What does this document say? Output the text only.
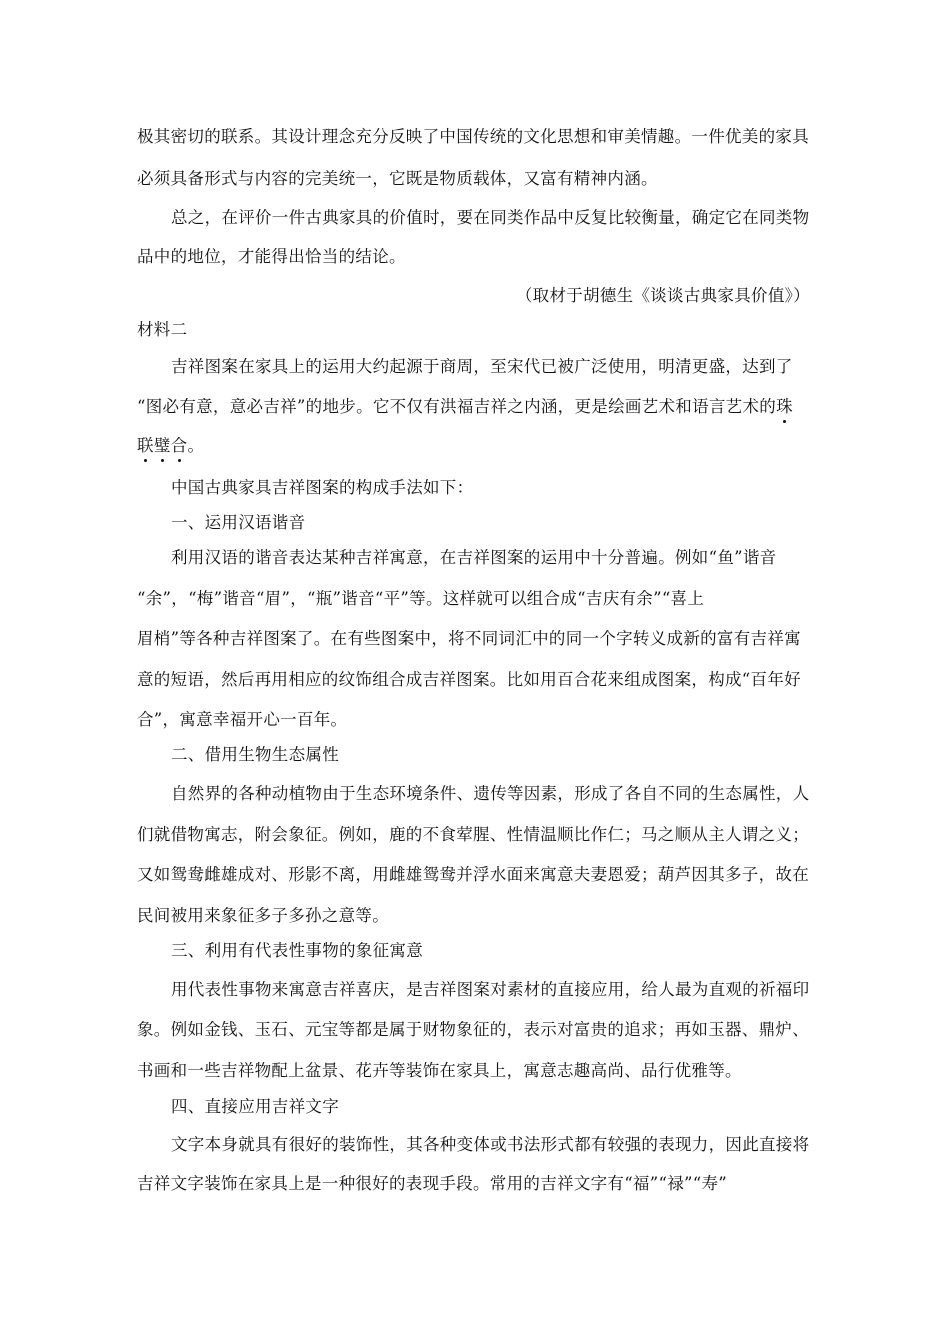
极其密切的联系。其设计理念充分反映了中国传统的文化思想和审美情趣。一件优美的家具
必须具备形式与内容的完美统一，它既是物质载体，又富有精神内涵。
总之，在评价一件古典家具的价值时，要在同类作品中反复比较衡量，确定它在同类物
品中的地位，才能得出恰当的结论。
（取材于胡德生《谈谈古典家具价值》）
材料二
吉祥图案在家具上的运用大约起源于商周，至宋代已被广泛使用，明清更盛，达到了
“图必有意，意必吉祥”的地步。它不仅有洪福吉祥之内涵，更是绘画艺术和语言艺术的珠
联璧合。
中国古典家具吉祥图案的构成手法如下：
一、运用汉语谐音
利用汉语的谐音表达某种吉祥寓意，在吉祥图案的运用中十分普遍。例如“鱼”谐音
“余”，“梅”谐音“眉”，“瓶”谐音“平”等。这样就可以组合成“吉庆有余”“喜上
眉梢”等各种吉祥图案了。在有些图案中，将不同词汇中的同一个字转义成新的富有吉祥寓
意的短语，然后再用相应的纹饰组合成吉祥图案。比如用百合花来组成图案，构成“百年好
合”，寓意幸福开心一百年。
二、借用生物生态属性
自然界的各种动植物由于生态环境条件、遗传等因素，形成了各自不同的生态属性，人
们就借物寓志，附会象征。例如，鹿的不食荤腥、性情温顺比作仁；马之顺从主人谓之义；
又如鸳鸯雌雄成对、形影不离，用雌雄鸳鸯并浮水面来寓意夫妻恩爱；葫芦因其多子，故在
民间被用来象征多子多孙之意等。
三、利用有代表性事物的象征寓意
用代表性事物来寓意吉祥喜庆，是吉祥图案对素材的直接应用，给人最为直观的祈福印
象。例如金钱、玉石、元宝等都是属于财物象征的，表示对富贵的追求；再如玉器、鼎炉、
书画和一些吉祥物配上盆景、花卉等装饰在家具上，寓意志趣高尚、品行优雅等。
四、直接应用吉祥文字
文字本身就具有很好的装饰性，其各种变体或书法形式都有较强的表现力，因此直接将
吉祥文字装饰在家具上是一种很好的表现手段。常用的吉祥文字有“福”“禄”“寿”
